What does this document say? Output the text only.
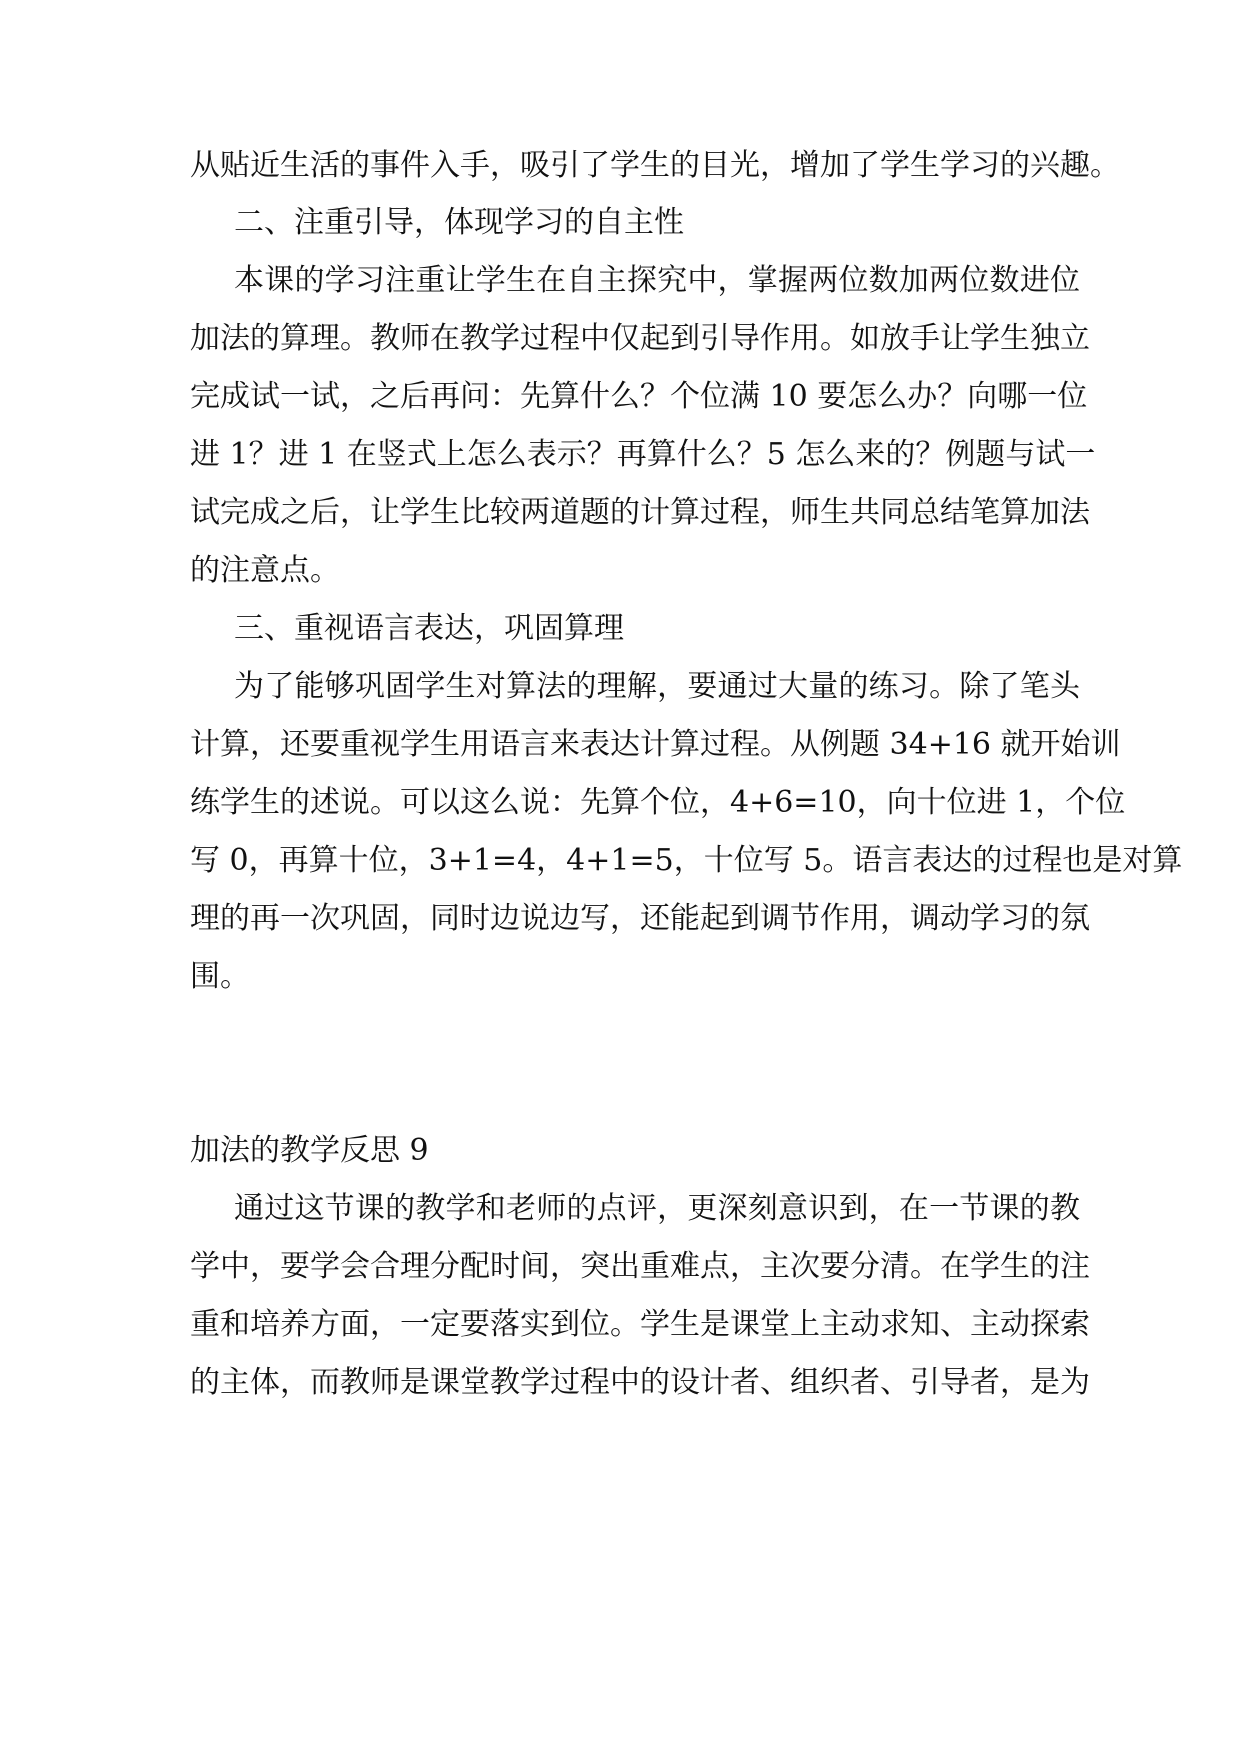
从贴近生活的事件入手，吸引了学生的目光，增加了学生学习的兴趣。
二、注重引导，体现学习的自主性
本课的学习注重让学生在自主探究中，掌握两位数加两位数进位
加法的算理。教师在教学过程中仅起到引导作用。如放手让学生独立
完成试一试，之后再问：先算什么？个位满 10 要怎么办？向哪一位
进 1？进 1 在竖式上怎么表示？再算什么？5 怎么来的？例题与试一
试完成之后，让学生比较两道题的计算过程，师生共同总结笔算加法
的注意点。
三、重视语言表达，巩固算理
为了能够巩固学生对算法的理解，要通过大量的练习。除了笔头
计算，还要重视学生用语言来表达计算过程。从例题 34+16 就开始训
练学生的述说。可以这么说：先算个位，4+6=10，向十位进 1，个位
写 0，再算十位，3+1=4，4+1=5，十位写 5。语言表达的过程也是对算
理的再一次巩固，同时边说边写，还能起到调节作用，调动学习的氛
围。
加法的教学反思 9
通过这节课的教学和老师的点评，更深刻意识到，在一节课的教
学中，要学会合理分配时间，突出重难点，主次要分清。在学生的注
重和培养方面，一定要落实到位。学生是课堂上主动求知、主动探索
的主体，而教师是课堂教学过程中的设计者、组织者、引导者，是为
